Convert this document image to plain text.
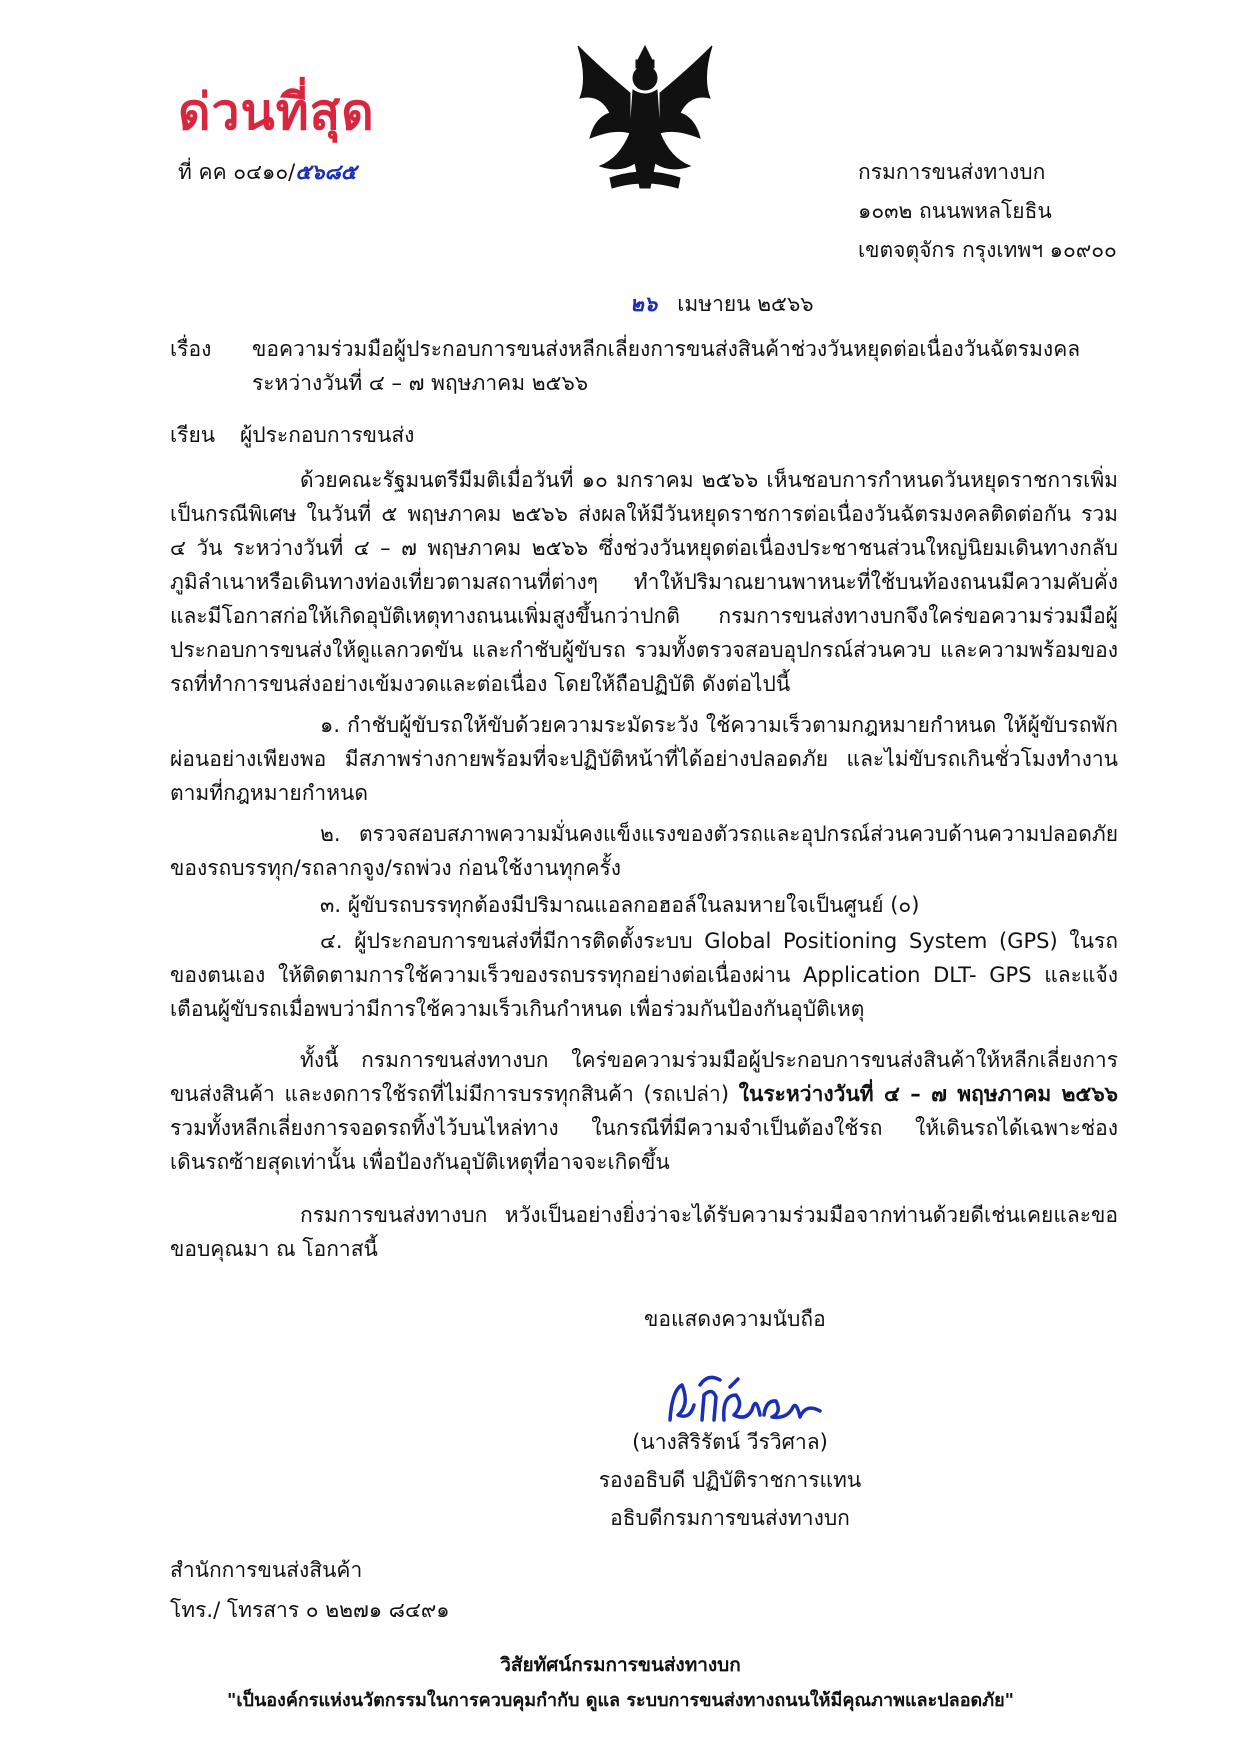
ด่วนที่สุด
ที่ คค ๐๔๑๐/๕๖๘๕	กรมการขนส่งทางบก
๑๐๓๒ ถนนพหลโยธิน
เขตจตุจักร กรุงเทพฯ ๑๐๙๐๐
๒๖ เมษายน ๒๕๖๖
เรื่อง ขอความร่วมมือผู้ประกอบการขนส่งหลีกเลี่ยงการขนส่งสินค้าช่วงวันหยุดต่อเนื่องวันฉัตรมงคล
ระหว่างวันที่ ๔ – ๗ พฤษภาคม ๒๕๖๖
เรียน ผู้ประกอบการขนส่ง
ด้วยคณะรัฐมนตรีมีมติเมื่อวันที่ ๑๐ มกราคม ๒๕๖๖ เห็นชอบการกำหนดวันหยุดราชการเพิ่มเป็นกรณีพิเศษ ในวันที่ ๕ พฤษภาคม ๒๕๖๖ ส่งผลให้มีวันหยุดราชการต่อเนื่องวันฉัตรมงคลติดต่อกัน รวม ๔ วัน ระหว่างวันที่ ๔ – ๗ พฤษภาคม ๒๕๖๖ ซึ่งช่วงวันหยุดต่อเนื่องประชาชนส่วนใหญ่นิยมเดินทางกลับภูมิลำเนาหรือเดินทางท่องเที่ยวตามสถานที่ต่างๆ ทำให้ปริมาณยานพาหนะที่ใช้บนท้องถนนมีความคับคั่งและมีโอกาสก่อให้เกิดอุบัติเหตุทางถนนเพิ่มสูงขึ้นกว่าปกติ กรมการขนส่งทางบกจึงใคร่ขอความร่วมมือผู้ประกอบการขนส่งให้ดูแลกวดขัน และกำชับผู้ขับรถ รวมทั้งตรวจสอบอุปกรณ์ส่วนควบ และความพร้อมของรถที่ทำการขนส่งอย่างเข้มงวดและต่อเนื่อง โดยให้ถือปฏิบัติ ดังต่อไปนี้
๑. กำชับผู้ขับรถให้ขับด้วยความระมัดระวัง ใช้ความเร็วตามกฎหมายกำหนด ให้ผู้ขับรถพักผ่อนอย่างเพียงพอ มีสภาพร่างกายพร้อมที่จะปฏิบัติหน้าที่ได้อย่างปลอดภัย และไม่ขับรถเกินชั่วโมงทำงานตามที่กฎหมายกำหนด
๒. ตรวจสอบสภาพความมั่นคงแข็งแรงของตัวรถและอุปกรณ์ส่วนควบด้านความปลอดภัยของรถบรรทุก/รถลากจูง/รถพ่วง ก่อนใช้งานทุกครั้ง
๓. ผู้ขับรถบรรทุกต้องมีปริมาณแอลกอฮอล์ในลมหายใจเป็นศูนย์ (๐)
๔. ผู้ประกอบการขนส่งที่มีการติดตั้งระบบ Global Positioning System (GPS) ในรถของตนเอง ให้ติดตามการใช้ความเร็วของรถบรรทุกอย่างต่อเนื่องผ่าน Application DLT- GPS และแจ้งเตือนผู้ขับรถเมื่อพบว่ามีการใช้ความเร็วเกินกำหนด เพื่อร่วมกันป้องกันอุบัติเหตุ
ทั้งนี้ กรมการขนส่งทางบก ใคร่ขอความร่วมมือผู้ประกอบการขนส่งสินค้าให้หลีกเลี่ยงการขนส่งสินค้า และงดการใช้รถที่ไม่มีการบรรทุกสินค้า (รถเปล่า) ในระหว่างวันที่ ๔ – ๗ พฤษภาคม ๒๕๖๖ รวมทั้งหลีกเลี่ยงการจอดรถทิ้งไว้บนไหล่ทาง ในกรณีที่มีความจำเป็นต้องใช้รถ ให้เดินรถได้เฉพาะช่องเดินรถซ้ายสุดเท่านั้น เพื่อป้องกันอุบัติเหตุที่อาจจะเกิดขึ้น
กรมการขนส่งทางบก หวังเป็นอย่างยิ่งว่าจะได้รับความร่วมมือจากท่านด้วยดีเช่นเคยและขอขอบคุณมา ณ โอกาสนี้
ขอแสดงความนับถือ
(นางสิริรัตน์ วีรวิศาล)
รองอธิบดี ปฏิบัติราชการแทน
อธิบดีกรมการขนส่งทางบก
สำนักการขนส่งสินค้า
โทร./ โทรสาร ๐ ๒๒๗๑ ๘๔๙๑
วิสัยทัศน์กรมการขนส่งทางบก
"เป็นองค์กรแห่งนวัตกรรมในการควบคุมกำกับ ดูแล ระบบการขนส่งทางถนนให้มีคุณภาพและปลอดภัย"
